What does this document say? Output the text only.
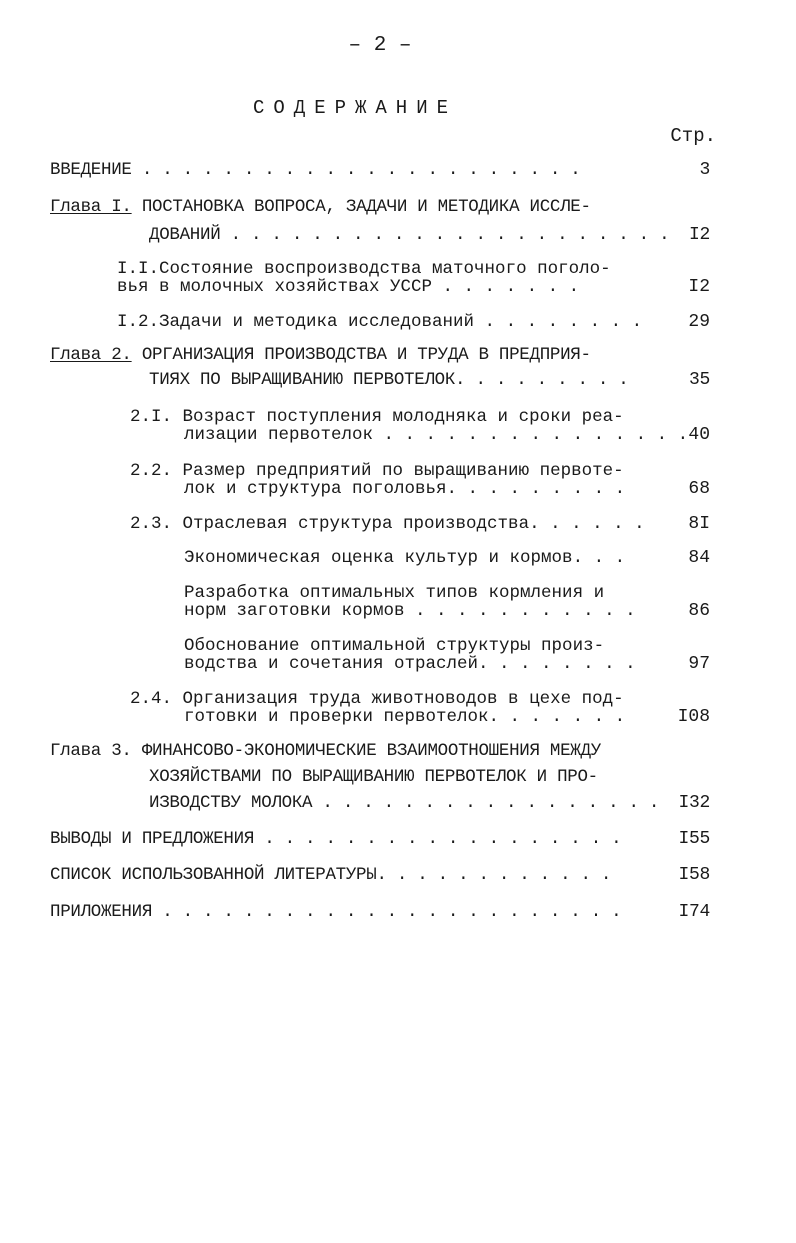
– 2 –
СОДЕРЖАНИЕ
Стр.
ВВЕДЕНИЕ . . . . . . . . . . . . . . . . . . . . . .	3
Глава I. ПОСТАНОВКА ВОПРОСА, ЗАДАЧИ И МЕТОДИКА ИССЛЕ-
ДОВАНИЙ . . . . . . . . . . . . . . . . . . . . . .	I2
I.I.Состояние воспроизводства маточного поголо-
вья в молочных хозяйствах УССР . . . . . . .	I2
I.2.Задачи и методика исследований . . . . . . . .	29
Глава 2. ОРГАНИЗАЦИЯ ПРОИЗВОДСТВА И ТРУДА В ПРЕДПРИЯ-
ТИЯХ ПО ВЫРАЩИВАНИЮ ПЕРВОТЕЛОК. . . . . . . . .	35
2.I. Возраст поступления молодняка и сроки реа-
лизации первотелок . . . . . . . . . . . . . . . 40
2.2. Размер предприятий по выращиванию первоте-
лок и структура поголовья. . . . . . . . .	68
2.3. Отраслевая структура производства. . . . . .	8I
Экономическая оценка культур и кормов. . .	84
Разработка оптимальных типов кормления и
норм заготовки кормов . . . . . . . . . . .	86
Обоснование оптимальной структуры произ-
водства и сочетания отраслей. . . . . . . .	97
2.4. Организация труда животноводов в цехе под-
готовки и проверки первотелок. . . . . . .	I08
Глава 3. ФИНАНСОВО-ЭКОНОМИЧЕСКИЕ ВЗАИМООТНОШЕНИЯ МЕЖДУ
ХОЗЯЙСТВАМИ ПО ВЫРАЩИВАНИЮ ПЕРВОТЕЛОК И ПРО-
ИЗВОДСТВУ МОЛОКА . . . . . . . . . . . . . . . . .	I32
ВЫВОДЫ И ПРЕДЛОЖЕНИЯ . . . . . . . . . . . . . . . . . .	I55
СПИСОК ИСПОЛЬЗОВАННОЙ ЛИТЕРАТУРЫ. . . . . . . . . . . .	I58
ПРИЛОЖЕНИЯ . . . . . . . . . . . . . . . . . . . . . . .	I74
